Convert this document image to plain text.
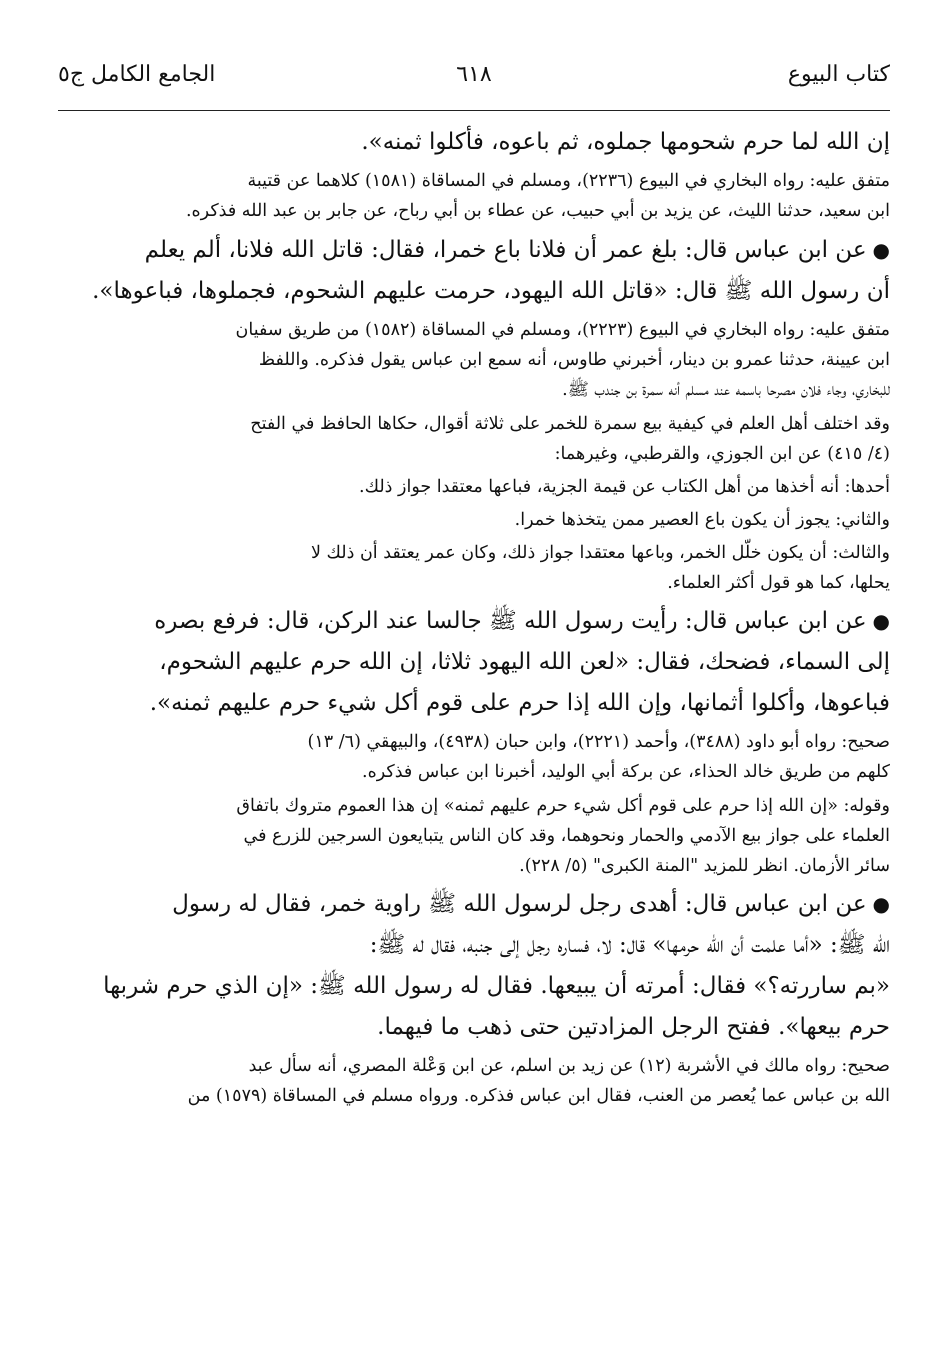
كتاب البيوع
٦١٨
الجامع الكامل ج٥

إن الله لما حرم شحومها جملوه، ثم باعوه، فأكلوا ثمنه».

متفق عليه: رواه البخاري في البيوع (٢٢٣٦)، ومسلم في المساقاة (١٥٨١) كلاهما عن قتيبة
ابن سعيد، حدثنا الليث، عن يزيد بن أبي حبيب، عن عطاء بن أبي رباح، عن جابر بن عبد الله فذكره.

●عن ابن عباس قال: بلغ عمر أن فلانا باع خمرا، فقال: قاتل الله فلانا، ألم يعلم
أن رسول الله ﷺ قال: «قاتل الله اليهود، حرمت عليهم الشحوم، فجملوها، فباعوها».

متفق عليه: رواه البخاري في البيوع (٢٢٢٣)، ومسلم في المساقاة (١٥٨٢) من طريق سفيان
ابن عيينة، حدثنا عمرو بن دينار، أخبرني طاوس، أنه سمع ابن عباس يقول فذكره. واللفظ
للبخاري، وجاء فلان مصرحا باسمه عند مسلم أنه سمرة بن جندب ﷺ.

وقد اختلف أهل العلم في كيفية بيع سمرة للخمر على ثلاثة أقوال، حكاها الحافظ في الفتح
(٤/ ٤١٥) عن ابن الجوزي، والقرطبي، وغيرهما:

أحدها: أنه أخذها من أهل الكتاب عن قيمة الجزية، فباعها معتقدا جواز ذلك.

والثاني: يجوز أن يكون باع العصير ممن يتخذها خمرا.

والثالث: أن يكون خلّل الخمر، وباعها معتقدا جواز ذلك، وكان عمر يعتقد أن ذلك لا
يحلها، كما هو قول أكثر العلماء.

●عن ابن عباس قال: رأيت رسول الله ﷺ جالسا عند الركن، قال: فرفع بصره
إلى السماء، فضحك، فقال: «لعن الله اليهود ثلاثا، إن الله حرم عليهم الشحوم،
فباعوها، وأكلوا أثمانها، وإن الله إذا حرم على قوم أكل شيء حرم عليهم ثمنه».

صحيح: رواه أبو داود (٣٤٨٨)، وأحمد (٢٢٢١)، وابن حبان (٤٩٣٨)، والبيهقي (٦/ ١٣)
كلهم من طريق خالد الحذاء، عن بركة أبي الوليد، أخبرنا ابن عباس فذكره.

وقوله: «إن الله إذا حرم على قوم أكل شيء حرم عليهم ثمنه» إن هذا العموم متروك باتفاق
العلماء على جواز بيع الآدمي والحمار ونحوهما، وقد كان الناس يتبايعون السرجين للزرع في
سائر الأزمان. انظر للمزيد "المنة الكبرى" (٥/ ٢٢٨).

●عن ابن عباس قال: أهدى رجل لرسول الله ﷺ راوية خمر، فقال له رسول
الله ﷺ: «أما علمت أن الله حرمها» قال: لا، فساره رجل إلى جنبه، فقال له ﷺ:
«بم ساررته؟» فقال: أمرته أن يبيعها. فقال له رسول الله ﷺ: «إن الذي حرم شربها
حرم بيعها». ففتح الرجل المزادتين حتى ذهب ما فيهما.

صحيح: رواه مالك في الأشربة (١٢) عن زيد بن اسلم، عن ابن وَعْلة المصري، أنه سأل عبد
الله بن عباس عما يُعصر من العنب، فقال ابن عباس فذكره. ورواه مسلم في المساقاة (١٥٧٩) من
